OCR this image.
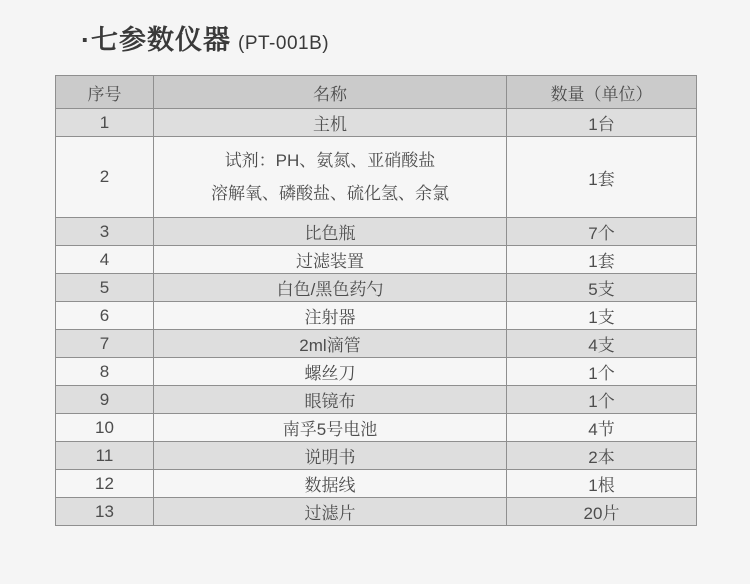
·七参数仪器 (PT-001B)
序号	名称	数量（单位）
1	主机	1台
2	试剂：PH、氨氮、亚硝酸盐
溶解氧、磷酸盐、硫化氢、余氯	1套
3	比色瓶	7个
4	过滤装置	1套
5	白色/黑色药勺	5支
6	注射器	1支
7	2ml滴管	4支
8	螺丝刀	1个
9	眼镜布	1个
10	南孚5号电池	4节
11	说明书	2本
12	数据线	1根
13	过滤片	20片
